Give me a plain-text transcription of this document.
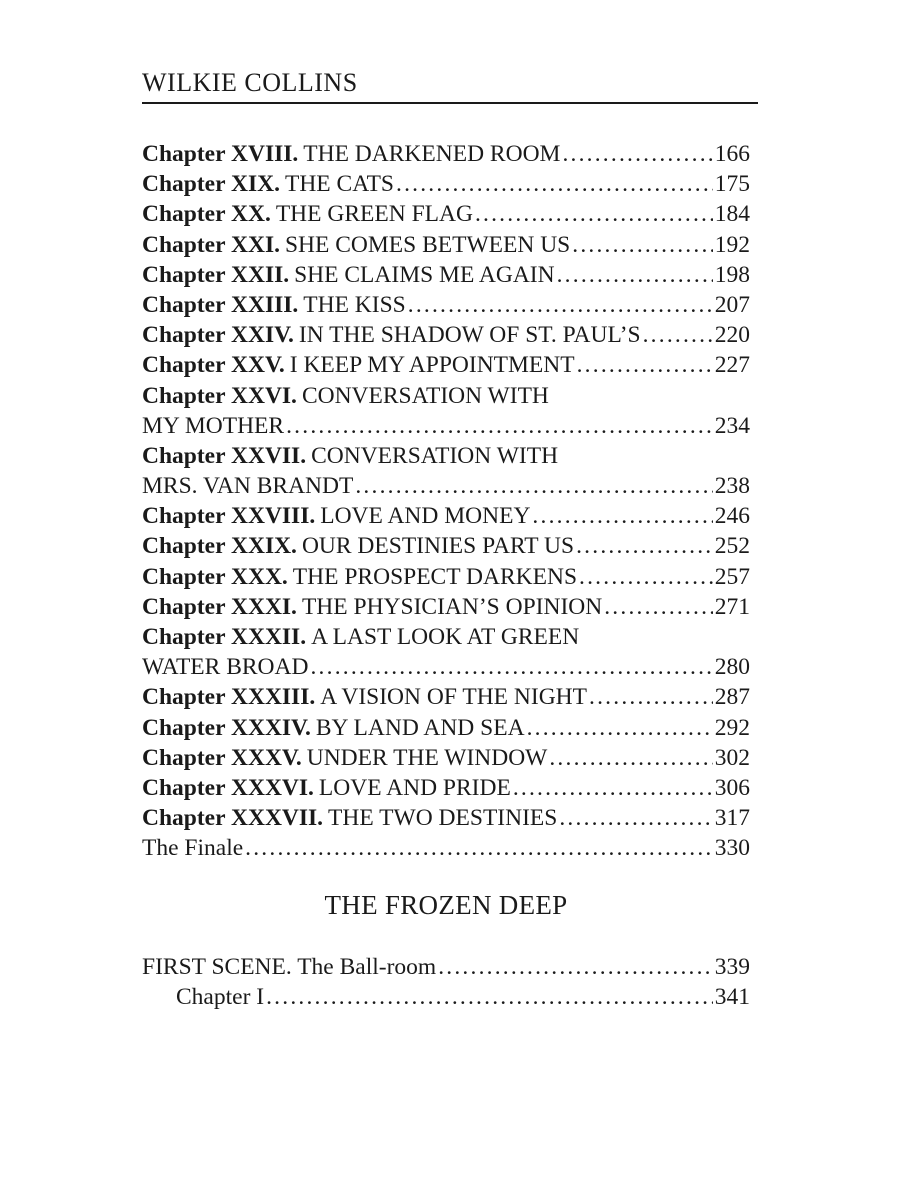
WILKIE COLLINS
Chapter XVIII. THE DARKENED ROOM .....	166
Chapter XIX. THE CATS .....	175
Chapter XX. THE GREEN FLAG .....	184
Chapter XXI. SHE COMES BETWEEN US .....	192
Chapter XXII. SHE CLAIMS ME AGAIN .....	198
Chapter XXIII. THE KISS .....	207
Chapter XXIV. IN THE SHADOW OF ST. PAUL’S .....	220
Chapter XXV. I KEEP MY APPOINTMENT .....	227
Chapter XXVI. CONVERSATION WITH
MY MOTHER .....	234
Chapter XXVII. CONVERSATION WITH
MRS. VAN BRANDT .....	238
Chapter XXVIII. LOVE AND MONEY .....	246
Chapter XXIX. OUR DESTINIES PART US .....	252
Chapter XXX. THE PROSPECT DARKENS .....	257
Chapter XXXI. THE PHYSICIAN’S OPINION .....	271
Chapter XXXII. A LAST LOOK AT GREEN
WATER BROAD .....	280
Chapter XXXIII. A VISION OF THE NIGHT .....	287
Chapter XXXIV. BY LAND AND SEA .....	292
Chapter XXXV. UNDER THE WINDOW .....	302
Chapter XXXVI. LOVE AND PRIDE .....	306
Chapter XXXVII. THE TWO DESTINIES .....	317
The Finale .....	330
THE FROZEN DEEP
FIRST SCENE. The Ball-room .....	339
Chapter I .....	341
